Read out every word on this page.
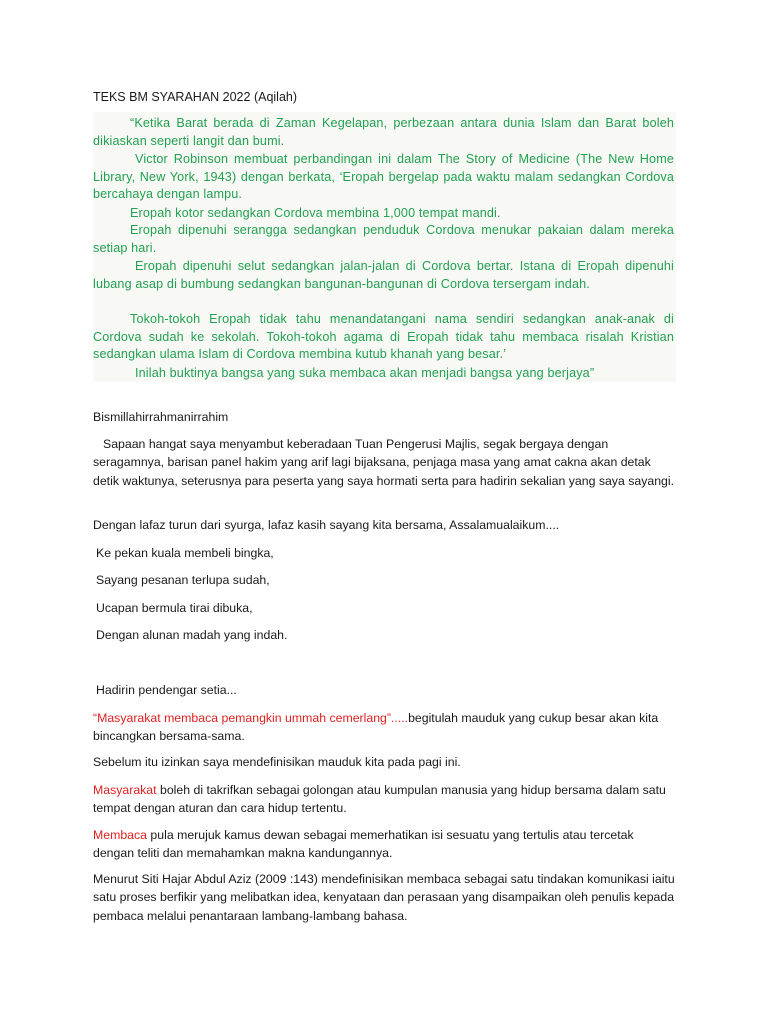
TEKS BM SYARAHAN 2022 (Aqilah)

“Ketika Barat berada di Zaman Kegelapan, perbezaan antara dunia Islam dan Barat boleh dikiaskan seperti langit dan bumi.

Victor Robinson membuat perbandingan ini dalam The Story of Medicine (The New Home Library, New York, 1943) dengan berkata, ‘Eropah bergelap pada waktu malam sedangkan Cordova bercahaya dengan lampu.

Eropah kotor sedangkan Cordova membina 1,000 tempat mandi.

Eropah dipenuhi serangga sedangkan penduduk Cordova menukar pakaian dalam mereka setiap hari.

Eropah dipenuhi selut sedangkan jalan-jalan di Cordova bertar. Istana di Eropah dipenuhi lubang asap di bumbung sedangkan bangunan-bangunan di Cordova tersergam indah.

Tokoh-tokoh Eropah tidak tahu menandatangani nama sendiri sedangkan anak-anak di Cordova sudah ke sekolah. Tokoh-tokoh agama di Eropah tidak tahu membaca risalah Kristian sedangkan ulama Islam di Cordova membina kutub khanah yang besar.’

Inilah buktinya bangsa yang suka membaca akan menjadi bangsa yang berjaya”

Bismillahirrahmanirrahim

Sapaan hangat saya menyambut keberadaan Tuan Pengerusi Majlis, segak bergaya dengan seragamnya, barisan panel hakim yang arif lagi bijaksana, penjaga masa yang amat cakna akan detak detik waktunya, seterusnya para peserta yang saya hormati serta para hadirin sekalian yang saya sayangi.

Dengan lafaz turun dari syurga, lafaz kasih sayang kita bersama, Assalamualaikum....

Ke pekan kuala membeli bingka,

Sayang pesanan terlupa sudah,

Ucapan bermula tirai dibuka,

Dengan alunan madah yang indah.

Hadirin pendengar setia...

“Masyarakat membaca pemangkin ummah cemerlang”.....begitulah mauduk yang cukup besar akan kita bincangkan bersama-sama.

Sebelum itu izinkan saya mendefinisikan mauduk kita pada pagi ini.

Masyarakat boleh di takrifkan sebagai golongan atau kumpulan manusia yang hidup bersama dalam satu tempat dengan aturan dan cara hidup tertentu.

Membaca pula merujuk kamus dewan sebagai memerhatikan isi sesuatu yang tertulis atau tercetak dengan teliti dan memahamkan makna kandungannya.

Menurut Siti Hajar Abdul Aziz (2009 :143) mendefinisikan membaca sebagai satu tindakan komunikasi iaitu satu proses berfikir yang melibatkan idea, kenyataan dan perasaan yang disampaikan oleh penulis kepada pembaca melalui penantaraan lambang-lambang bahasa.
